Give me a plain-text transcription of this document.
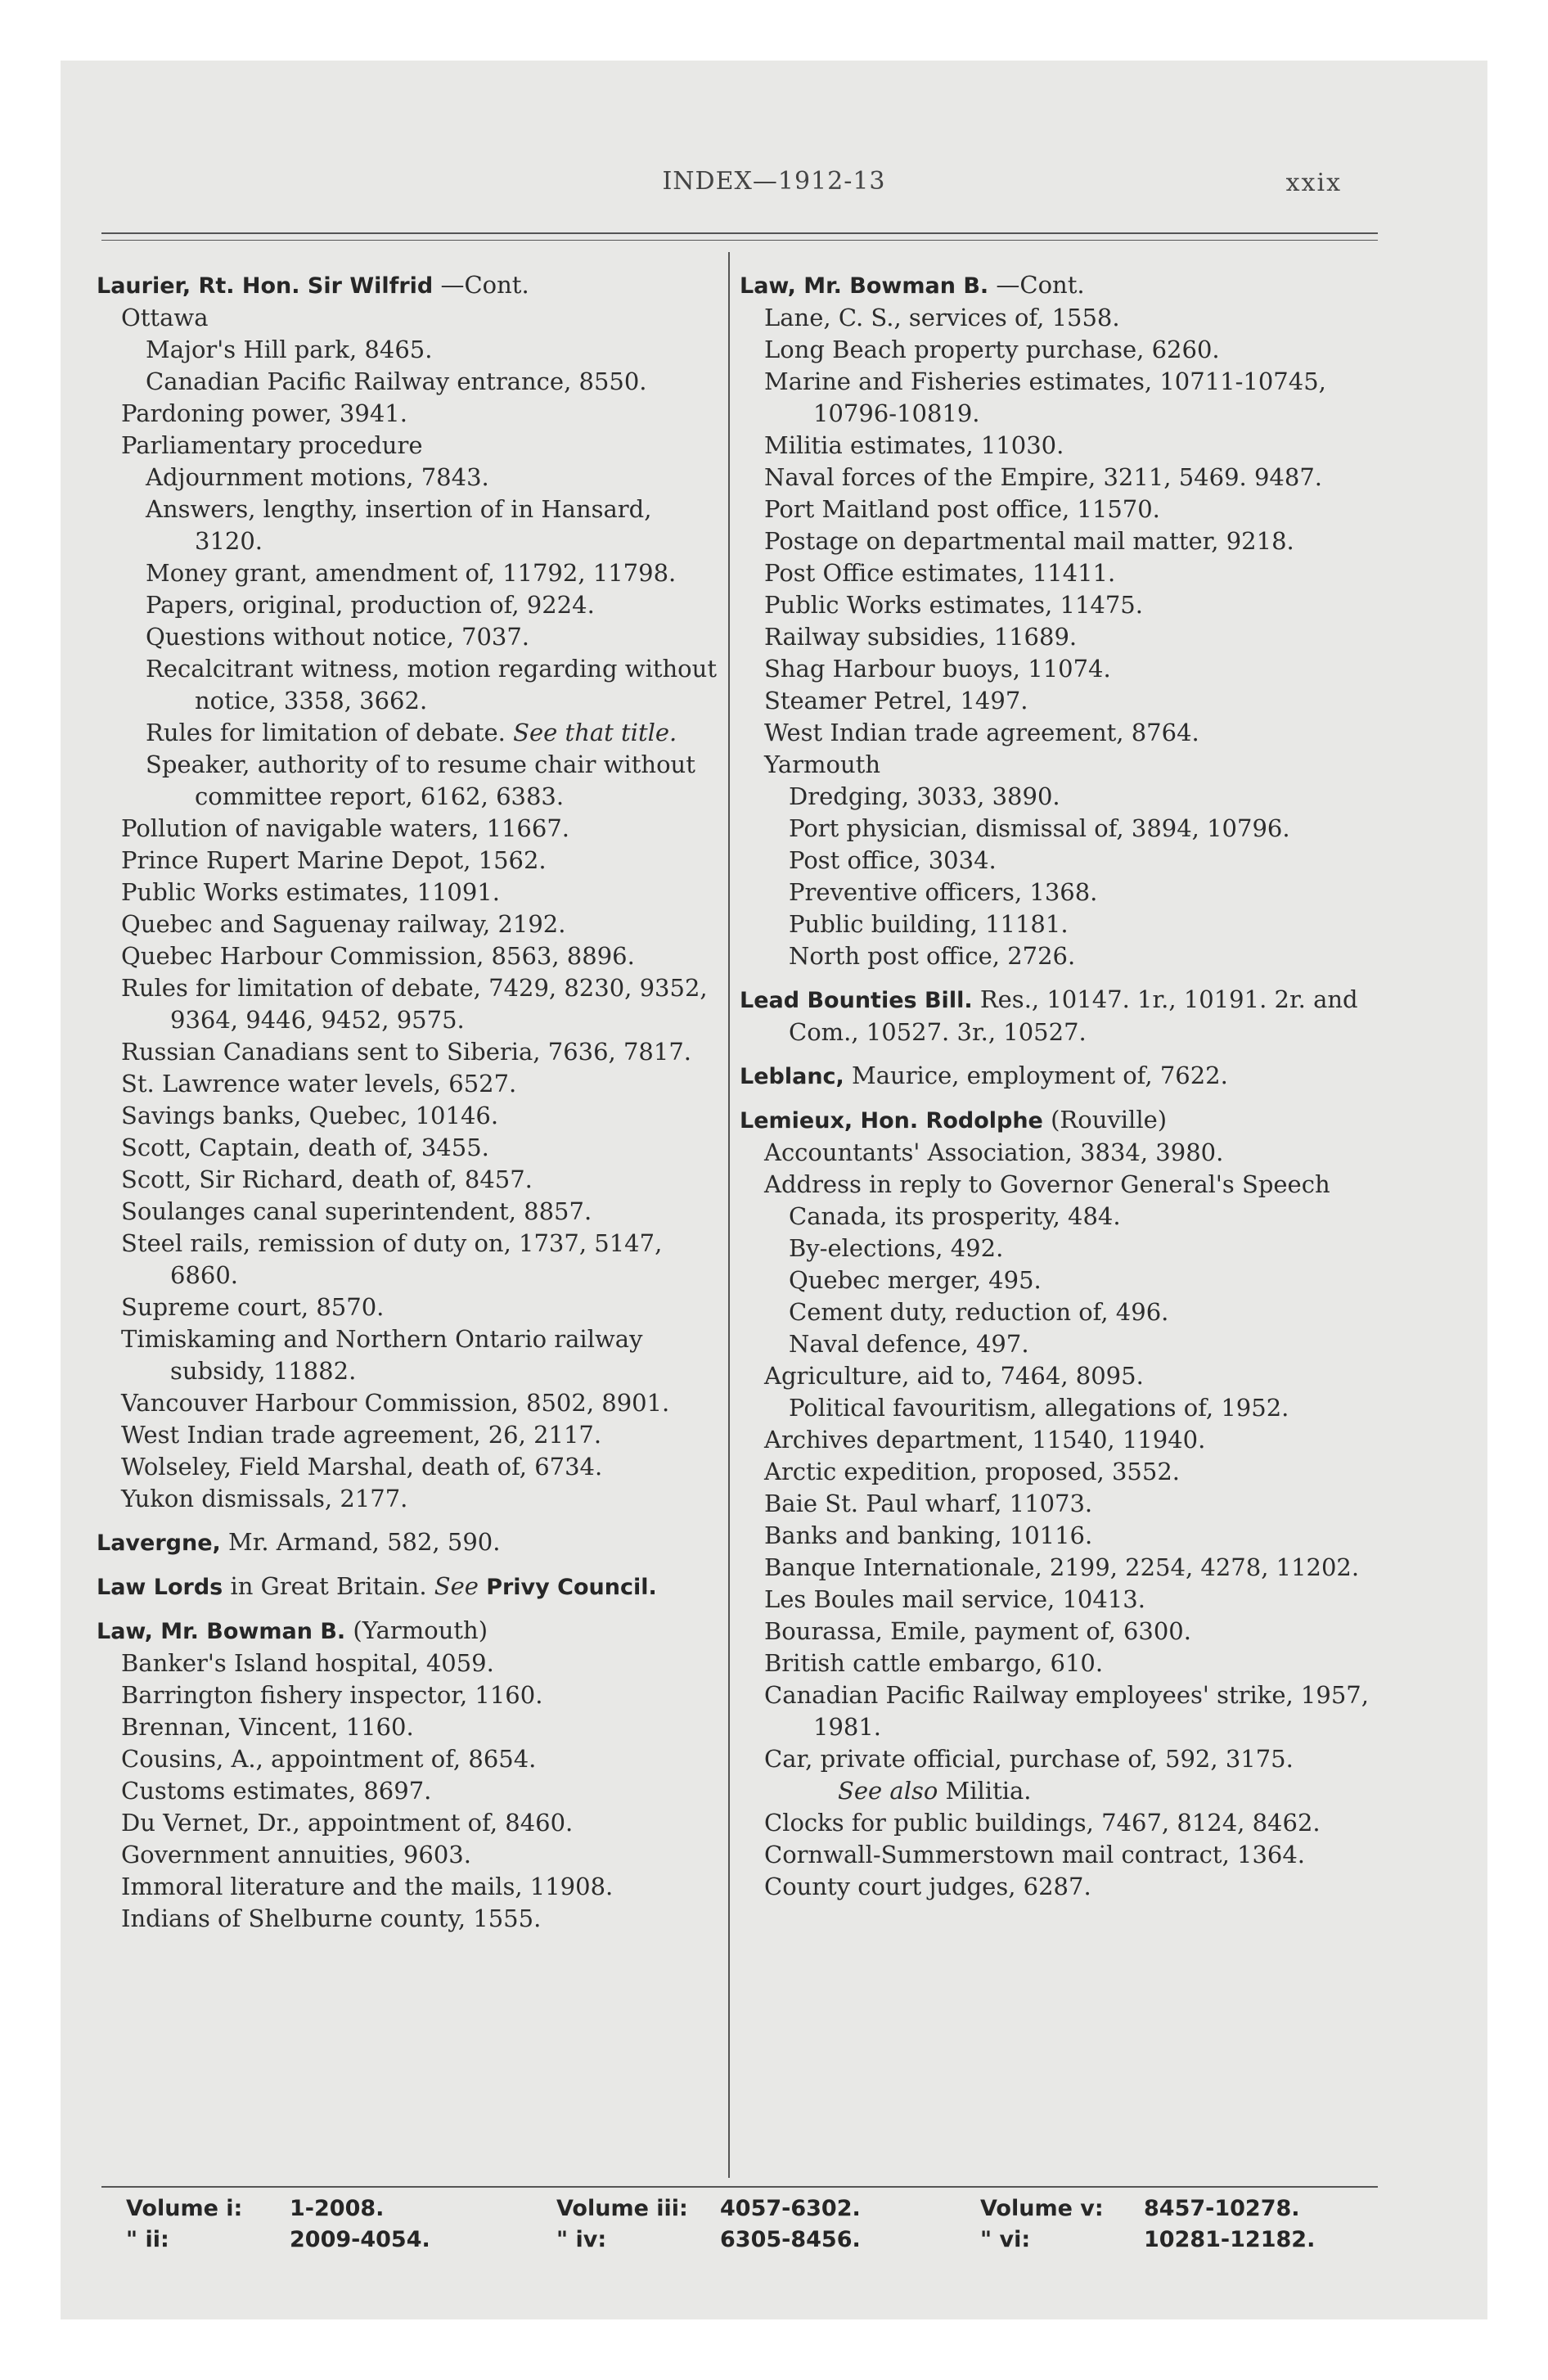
INDEX—1912-13	xxix

Laurier, Rt. Hon. Sir Wilfrid —Cont.

Ottawa

Major's Hill park, 8465.

Canadian Pacific Railway entrance, 8550.

Pardoning power, 3941.

Parliamentary procedure

Adjournment motions, 7843.

Answers, lengthy, insertion of in Hansard, 3120.

Money grant, amendment of, 11792, 11798.

Papers, original, production of, 9224.

Questions without notice, 7037.

Recalcitrant witness, motion regarding without notice, 3358, 3662.

Rules for limitation of debate. See that title.

Speaker, authority of to resume chair without committee report, 6162, 6383.

Pollution of navigable waters, 11667.

Prince Rupert Marine Depot, 1562.

Public Works estimates, 11091.

Quebec and Saguenay railway, 2192.

Quebec Harbour Commission, 8563, 8896.

Rules for limitation of debate, 7429, 8230, 9352, 9364, 9446, 9452, 9575.

Russian Canadians sent to Siberia, 7636, 7817.

St. Lawrence water levels, 6527.

Savings banks, Quebec, 10146.

Scott, Captain, death of, 3455.

Scott, Sir Richard, death of, 8457.

Soulanges canal superintendent, 8857.

Steel rails, remission of duty on, 1737, 5147, 6860.

Supreme court, 8570.

Timiskaming and Northern Ontario railway subsidy, 11882.

Vancouver Harbour Commission, 8502, 8901.

West Indian trade agreement, 26, 2117.

Wolseley, Field Marshal, death of, 6734.

Yukon dismissals, 2177.

Lavergne, Mr. Armand, 582, 590.

Law Lords in Great Britain. See Privy Council.

Law, Mr. Bowman B. (Yarmouth)

Banker's Island hospital, 4059.

Barrington fishery inspector, 1160.

Brennan, Vincent, 1160.

Cousins, A., appointment of, 8654.

Customs estimates, 8697.

Du Vernet, Dr., appointment of, 8460.

Government annuities, 9603.

Immoral literature and the mails, 11908.

Indians of Shelburne county, 1555.

Law, Mr. Bowman B. —Cont.

Lane, C. S., services of, 1558.

Long Beach property purchase, 6260.

Marine and Fisheries estimates, 10711-10745, 10796-10819.

Militia estimates, 11030.

Naval forces of the Empire, 3211, 5469. 9487.

Port Maitland post office, 11570.

Postage on departmental mail matter, 9218.

Post Office estimates, 11411.

Public Works estimates, 11475.

Railway subsidies, 11689.

Shag Harbour buoys, 11074.

Steamer Petrel, 1497.

West Indian trade agreement, 8764.

Yarmouth

Dredging, 3033, 3890.

Port physician, dismissal of, 3894, 10796.

Post office, 3034.

Preventive officers, 1368.

Public building, 11181.

North post office, 2726.

Lead Bounties Bill. Res., 10147. 1r., 10191. 2r. and Com., 10527. 3r., 10527.

Leblanc, Maurice, employment of, 7622.

Lemieux, Hon. Rodolphe (Rouville)

Accountants' Association, 3834, 3980.

Address in reply to Governor General's Speech

Canada, its prosperity, 484.

By-elections, 492.

Quebec merger, 495.

Cement duty, reduction of, 496.

Naval defence, 497.

Agriculture, aid to, 7464, 8095.

Political favouritism, allegations of, 1952.

Archives department, 11540, 11940.

Arctic expedition, proposed, 3552.

Baie St. Paul wharf, 11073.

Banks and banking, 10116.

Banque Internationale, 2199, 2254, 4278, 11202.

Les Boules mail service, 10413.

Bourassa, Emile, payment of, 6300.

British cattle embargo, 610.

Canadian Pacific Railway employees' strike, 1957, 1981.

Car, private official, purchase of, 592, 3175.

See also Militia.

Clocks for public buildings, 7467, 8124, 8462.

Cornwall-Summerstown mail contract, 1364.

County court judges, 6287.

Volume i: 1-2008.	Volume iii: 4057-6302.	Volume v: 8457-10278.
" ii:	2009-4054.	" iv:	6305-8456.	" vi:	10281-12182.
